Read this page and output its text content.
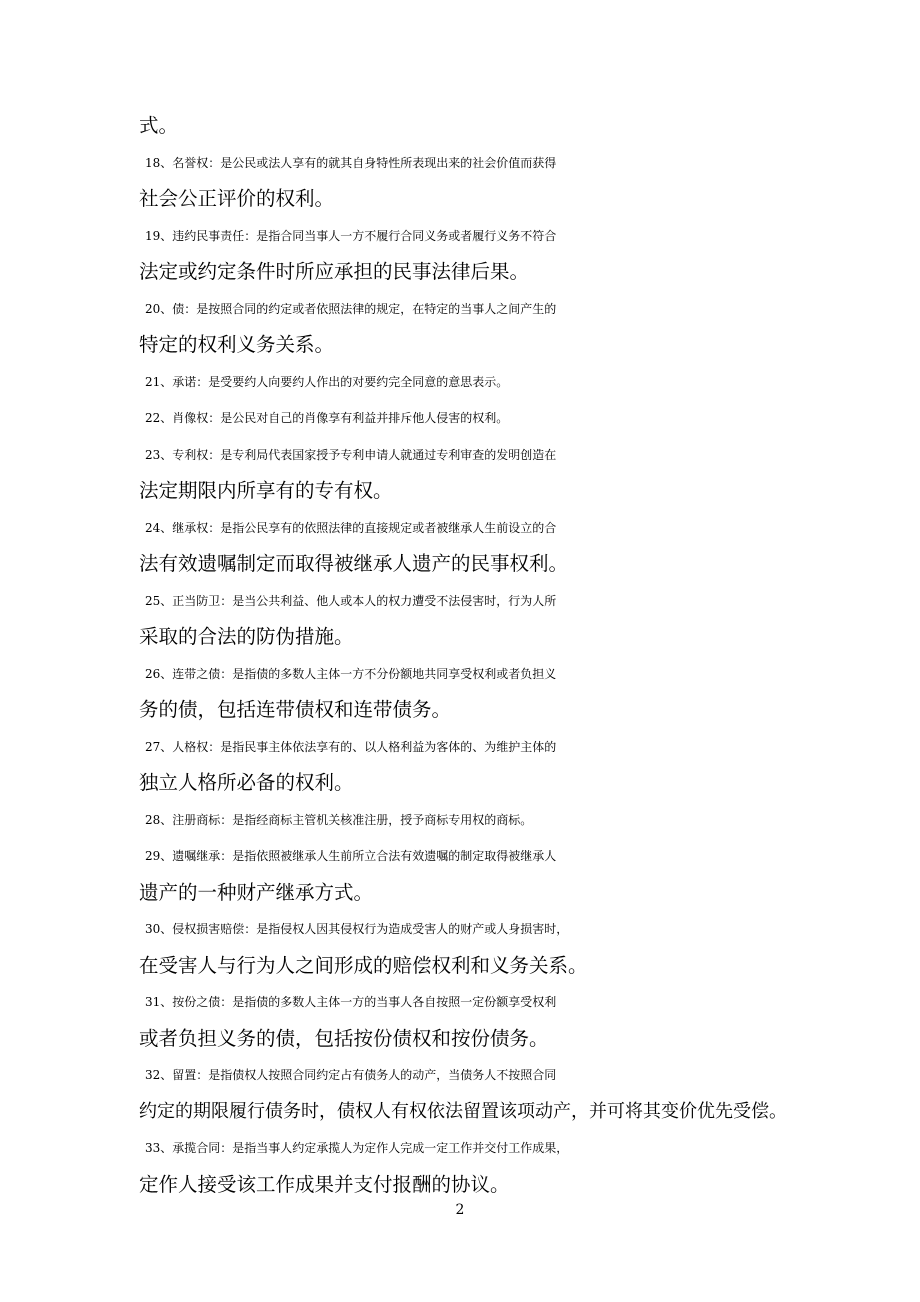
式。
18、名誉权：是公民或法人享有的就其自身特性所表现出来的社会价值而获得
社会公正评价的权利。
19、违约民事责任：是指合同当事人一方不履行合同义务或者履行义务不符合
法定或约定条件时所应承担的民事法律后果。
20、债：是按照合同的约定或者依照法律的规定，在特定的当事人之间产生的
特定的权利义务关系。
21、承诺：是受要约人向要约人作出的对要约完全同意的意思表示。
22、肖像权：是公民对自己的肖像享有利益并排斥他人侵害的权利。
23、专利权：是专利局代表国家授予专利申请人就通过专利审查的发明创造在
法定期限内所享有的专有权。
24、继承权：是指公民享有的依照法律的直接规定或者被继承人生前设立的合
法有效遗嘱制定而取得被继承人遗产的民事权利。
25、正当防卫：是当公共利益、他人或本人的权力遭受不法侵害时，行为人所
采取的合法的防伪措施。
26、连带之债：是指债的多数人主体一方不分份额地共同享受权利或者负担义
务的债，包括连带债权和连带债务。
27、人格权：是指民事主体依法享有的、以人格利益为客体的、为维护主体的
独立人格所必备的权利。
28、注册商标：是指经商标主管机关核准注册，授予商标专用权的商标。
29、遗嘱继承：是指依照被继承人生前所立合法有效遗嘱的制定取得被继承人
遗产的一种财产继承方式。
30、侵权损害赔偿：是指侵权人因其侵权行为造成受害人的财产或人身损害时，
在受害人与行为人之间形成的赔偿权利和义务关系。
31、按份之债：是指债的多数人主体一方的当事人各自按照一定份额享受权利
或者负担义务的债，包括按份债权和按份债务。
32、留置：是指债权人按照合同约定占有债务人的动产，当债务人不按照合同
约定的期限履行债务时，债权人有权依法留置该项动产，并可将其变价优先受偿。
33、承揽合同：是指当事人约定承揽人为定作人完成一定工作并交付工作成果，
定作人接受该工作成果并支付报酬的协议。
2
